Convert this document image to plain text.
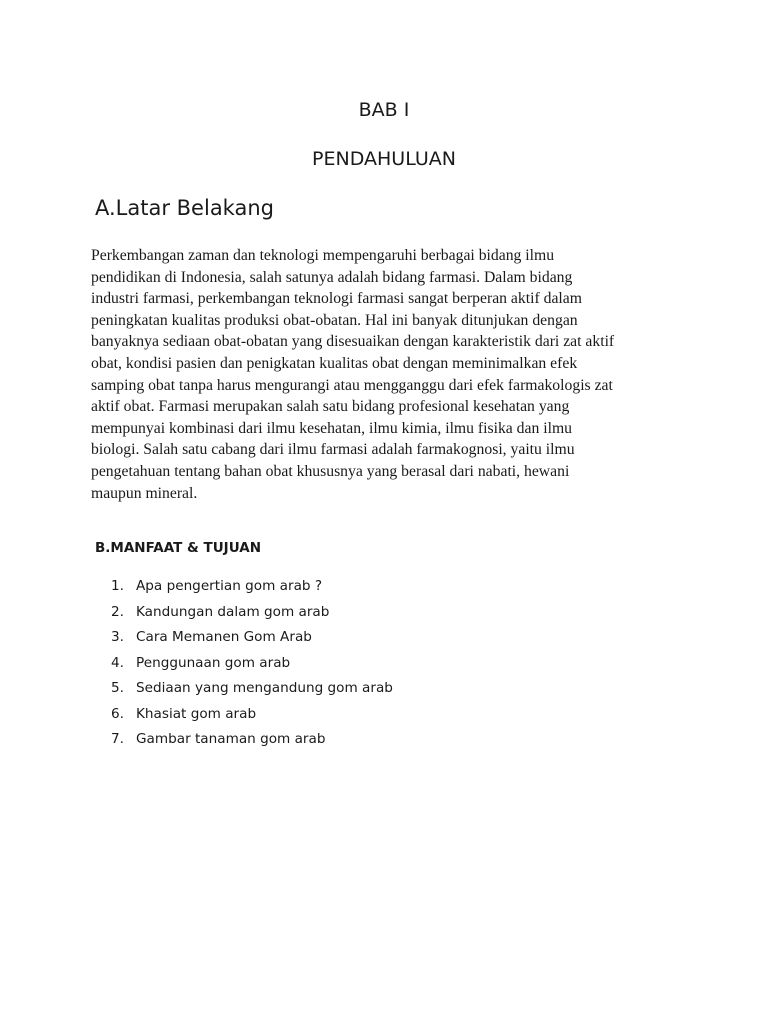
BAB I
PENDAHULUAN
A.Latar Belakang

Perkembangan zaman dan teknologi mempengaruhi berbagai bidang ilmu
pendidikan di Indonesia, salah satunya adalah bidang farmasi. Dalam bidang
industri farmasi, perkembangan teknologi farmasi sangat berperan aktif dalam
peningkatan kualitas produksi obat-obatan. Hal ini banyak ditunjukan dengan
banyaknya sediaan obat-obatan yang disesuaikan dengan karakteristik dari zat aktif
obat, kondisi pasien dan penigkatan kualitas obat dengan meminimalkan efek
samping obat tanpa harus mengurangi atau mengganggu dari efek farmakologis zat
aktif obat. Farmasi merupakan salah satu bidang profesional kesehatan yang
mempunyai kombinasi dari ilmu kesehatan, ilmu kimia, ilmu fisika dan ilmu
biologi. Salah satu cabang dari ilmu farmasi adalah farmakognosi, yaitu ilmu
pengetahuan tentang bahan obat khususnya yang berasal dari nabati, hewani
maupun mineral.

B.MANFAAT & TUJUAN
1. Apa pengertian gom arab ?
2. Kandungan dalam gom arab
3. Cara Memanen Gom Arab
4. Penggunaan gom arab
5. Sediaan yang mengandung gom arab
6. Khasiat gom arab
7. Gambar tanaman gom arab
